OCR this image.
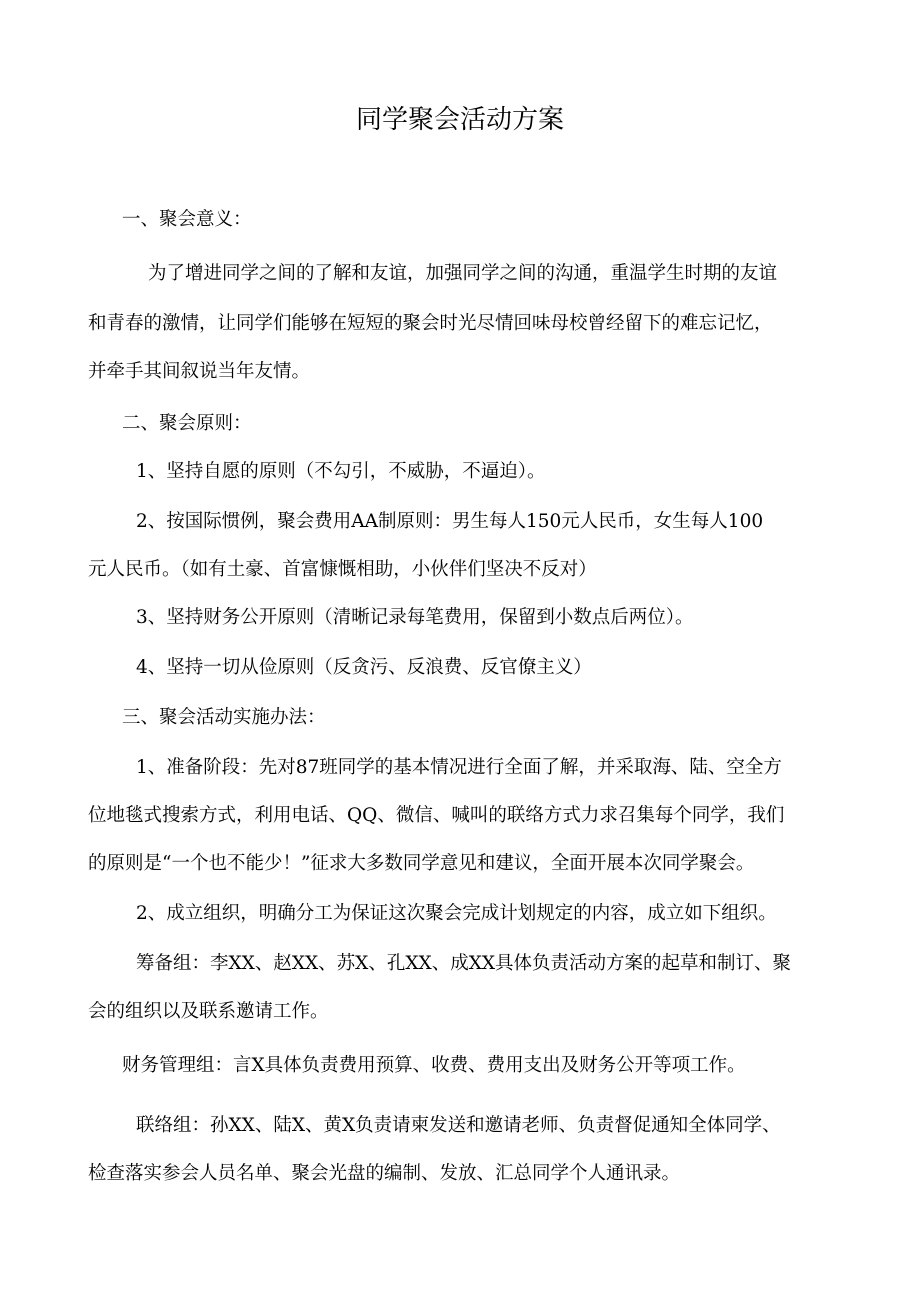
同学聚会活动方案
一、聚会意义：
为了增进同学之间的了解和友谊，加强同学之间的沟通，重温学生时期的友谊
和青春的激情，让同学们能够在短短的聚会时光尽情回味母校曾经留下的难忘记忆，
并牵手其间叙说当年友情。
二、聚会原则：
1、坚持自愿的原则（不勾引，不威胁，不逼迫）。
2、按国际惯例，聚会费用AA制原则：男生每人150元人民币，女生每人100
元人民币。（如有土豪、首富慷慨相助，小伙伴们坚决不反对）
3、坚持财务公开原则（清晰记录每笔费用，保留到小数点后两位）。
4、坚持一切从俭原则（反贪污、反浪费、反官僚主义）
三、聚会活动实施办法：
1、准备阶段：先对87班同学的基本情况进行全面了解，并采取海、陆、空全方
位地毯式搜索方式，利用电话、QQ、微信、喊叫的联络方式力求召集每个同学，我们
的原则是“一个也不能少！”征求大多数同学意见和建议，全面开展本次同学聚会。
2、成立组织，明确分工为保证这次聚会完成计划规定的内容，成立如下组织。
筹备组：李XX、赵XX、苏X、孔XX、成XX具体负责活动方案的起草和制订、聚
会的组织以及联系邀请工作。
财务管理组：言X具体负责费用预算、收费、费用支出及财务公开等项工作。
联络组：孙XX、陆X、黄X负责请柬发送和邀请老师、负责督促通知全体同学、
检查落实参会人员名单、聚会光盘的编制、发放、汇总同学个人通讯录。
